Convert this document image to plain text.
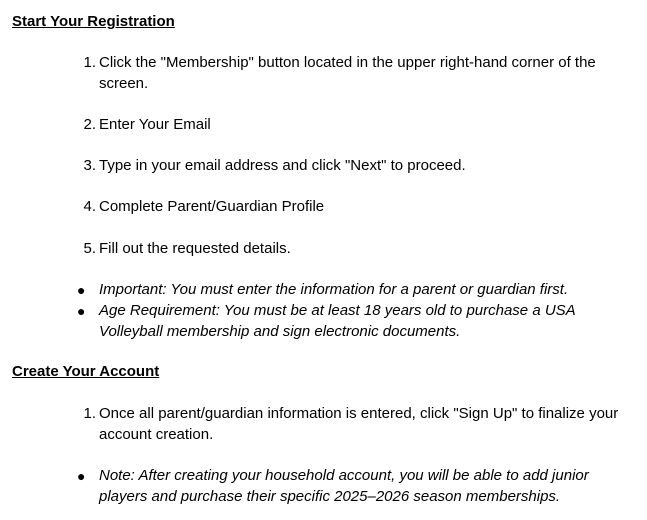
Start Your Registration
1. Click the "Membership" button located in the upper right-hand corner of the screen.
2. Enter Your Email
3. Type in your email address and click "Next" to proceed.
4. Complete Parent/Guardian Profile
5. Fill out the requested details.
● Important: You must enter the information for a parent or guardian first.
● Age Requirement: You must be at least 18 years old to purchase a USA Volleyball membership and sign electronic documents.
Create Your Account
1. Once all parent/guardian information is entered, click "Sign Up" to finalize your account creation.
● Note: After creating your household account, you will be able to add junior players and purchase their specific 2025–2026 season memberships.
